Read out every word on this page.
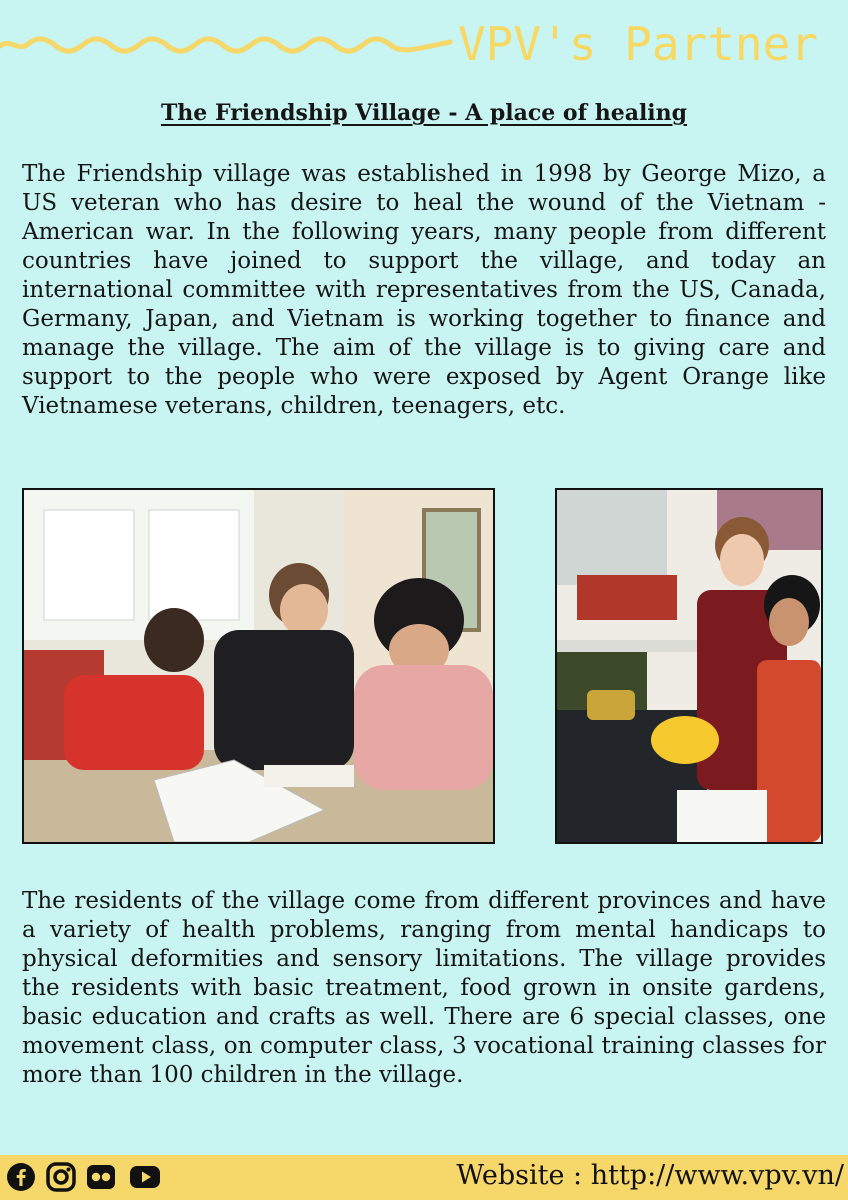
VPV's Partner
The Friendship Village - A place of healing

The Friendship village was established in 1998 by George Mizo, a US veteran who has desire to heal the wound of the Vietnam - American war. In the following years, many people from different countries have joined to support the village, and today an international committee with representatives from the US, Canada, Germany, Japan, and Vietnam is working together to finance and manage the village. The aim of the village is to giving care and support to the people who were exposed by Agent Orange like Vietnamese veterans, children, teenagers, etc.

The residents of the village come from different provinces and have a variety of health problems, ranging from mental handicaps to physical deformities and sensory limitations. The village provides the residents with basic treatment, food grown in onsite gardens, basic education and crafts as well. There are 6 special classes, one movement class, on computer class, 3 vocational training classes for more than 100 children in the village.

Website : http://www.vpv.vn/
